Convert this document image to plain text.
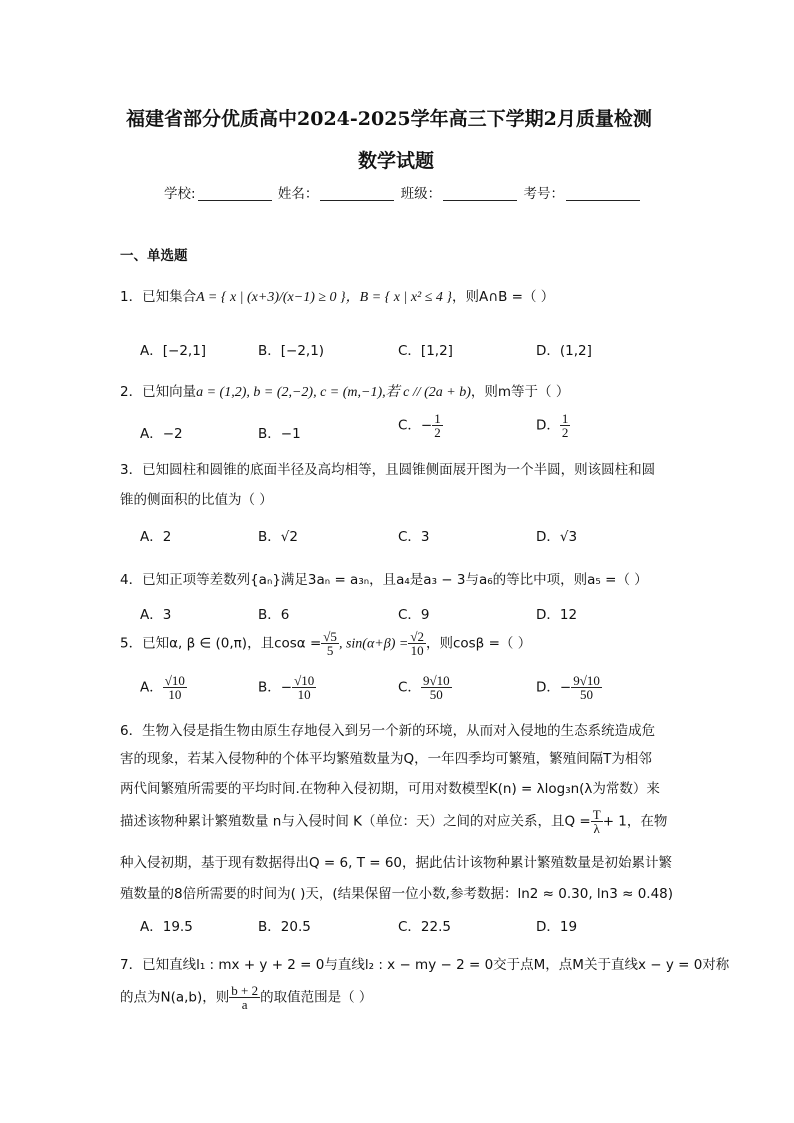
福建省部分优质高中2024-2025学年高三下学期2月质量检测
数学试题
学校:	姓名：	班级：	考号：
一、单选题
1．已知集合A = { x | (x+3)/(x−1) ≥ 0 }，B = { x | x² ≤ 4 }，则A∩B =（ ）
A．[−2,1]	B．[−2,1)	C．[1,2]	D．(1,2]
2．已知向量a = (1,2), b = (2,−2), c = (m,−1),若 c // (2a + b)，则m等于（ ）
A．−2	B．−1
C．− $\frac{1}{2}$	D． $\frac{1}{2}$
3．已知圆柱和圆锥的底面半径及高均相等，且圆锥侧面展开图为一个半圆，则该圆柱和圆
锥的侧面积的比值为（ ）
A．2	B．√2	C．3	D．√3
4．已知正项等差数列{aₙ}满足3aₙ = a₃ₙ，且a₄是a₃ − 3与a₆的等比中项，则a₅ =（ ）
A．3	B．6	C．9	D．12
5．已知α, β ∈ (0,π)，且$\cos\alpha = \frac{√5}{5}$ , $\sin(\alpha+\beta) = \frac{√2}{10}$ ，则cosβ =（ ）
A． $\frac{√10}{10}$	B．− $\frac{√10}{10}$	C． $\frac{9√10}{50}$	D．− $\frac{9√10}{50}$
6．生物入侵是指生物由原生存地侵入到另一个新的环境，从而对入侵地的生态系统造成危
害的现象，若某入侵物种的个体平均繁殖数量为Q，一年四季均可繁殖，繁殖间隔T为相邻
两代间繁殖所需要的平均时间.在物种入侵初期，可用对数模型K(n) = λlog₃n(λ为常数）来
描述该物种累计繁殖数量 n与入侵时间 K（单位：天）之间的对应关系，且$Q = \frac{T}{\lambda} + 1$，在物
种入侵初期，基于现有数据得出Q = 6, T = 60，据此估计该物种累计繁殖数量是初始累计繁
殖数量的8倍所需要的时间为( )天，(结果保留一位小数,参考数据：ln2 ≈ 0.30, ln3 ≈ 0.48)
A．19.5	B．20.5	C．22.5	D．19
7．已知直线l₁ : mx + y + 2 = 0与直线l₂ : x − my − 2 = 0交于点M，点M关于直线x − y = 0对称
的点为N(a,b)，则 $\frac{b + 2}{a}$ 的取值范围是（ ）
